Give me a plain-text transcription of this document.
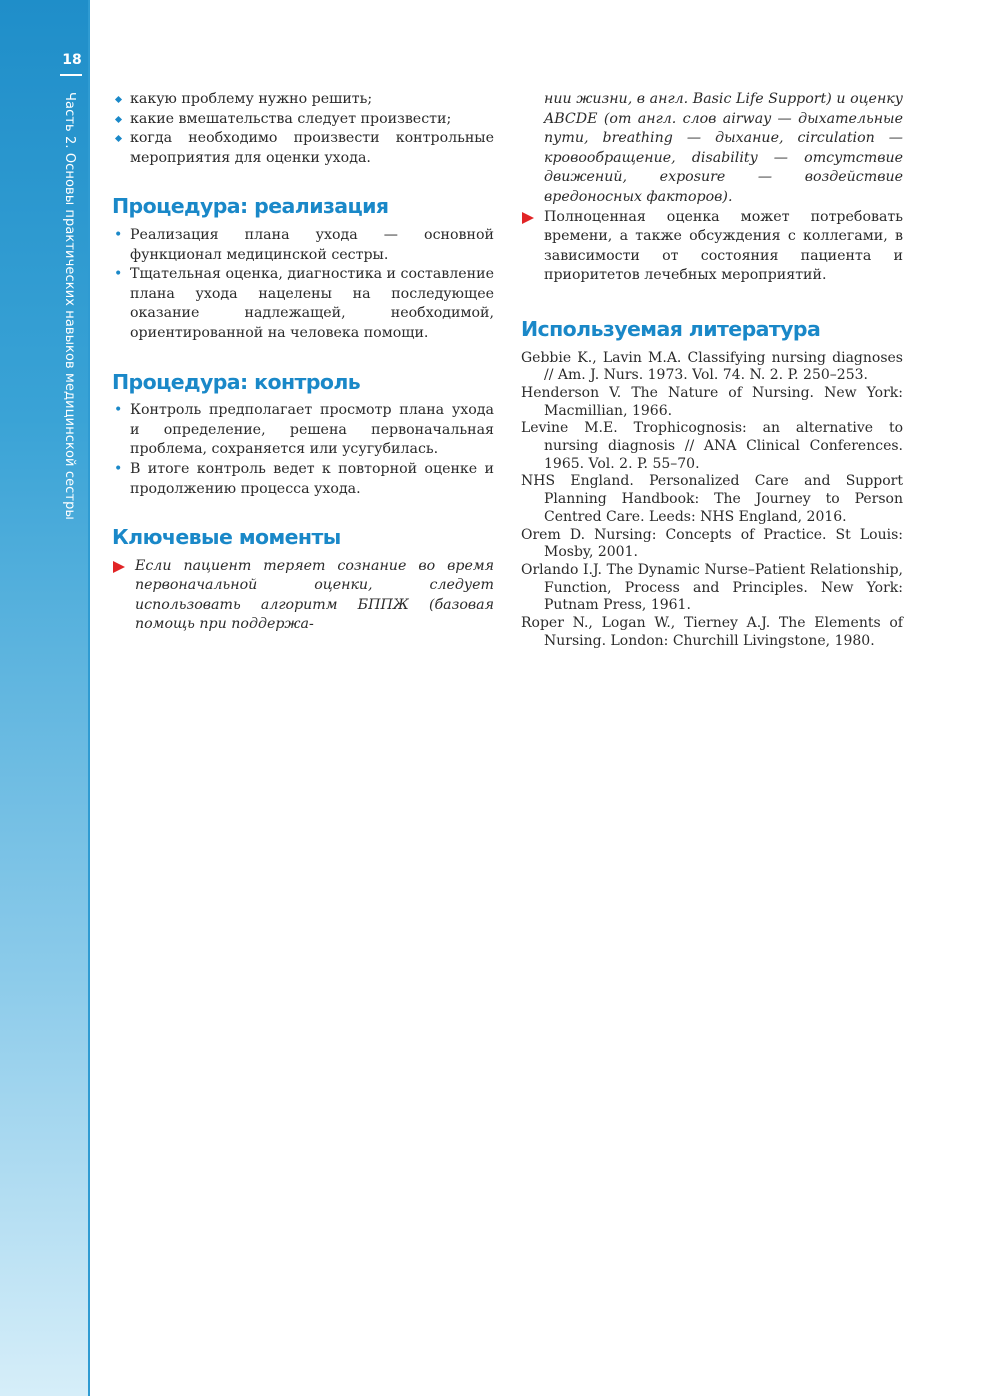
18
Часть 2. Основы практических навыков медицинской сестры	какую проблему нужно решить;
какие вмешательства следует произвести;
когда необходимо произвести контрольные мероприятия для оценки ухода.
Процедура: реализация
• Реализация плана ухода — основной функционал медицинской сестры.
• Тщательная оценка, диагностика и составление плана ухода нацелены на последующее оказание надлежащей, необходимой, ориентированной на человека помощи.
Процедура: контроль
• Контроль предполагает просмотр плана ухода и определение, решена первоначальная проблема, сохраняется или усугубилась.
• В итоге контроль ведет к повторной оценке и продолжению процесса ухода.
Ключевые моменты
Если пациент теряет сознание во время первоначальной оценки, следует использовать алгоритм БППЖ (базовая помощь при поддержа-
нии жизни, в англ. Basic Life Support) и оценку ABCDE (от англ. слов airway — дыхательные пути, breathing — дыхание, circulation — кровообращение, disability — отсутствие движений, exposure — воздействие вредоносных факторов).
Полноценная оценка может потребовать времени, а также обсуждения с коллегами, в зависимости от состояния пациента и приоритетов лечебных мероприятий.
Используемая литература

Gebbie K., Lavin M.A. Classifying nursing diagnoses // Am. J. Nurs. 1973. Vol. 74. N. 2. P. 250–253.

Henderson V. The Nature of Nursing. New York: Macmillian, 1966.

Levine M.E. Trophicognosis: an alternative to nursing diagnosis // ANA Clinical Conferences. 1965. Vol. 2. P. 55–70.

NHS England. Personalized Care and Support Planning Handbook: The Journey to Person Centred Care. Leeds: NHS England, 2016.

Orem D. Nursing: Concepts of Practice. St Louis: Mosby, 2001.

Orlando I.J. The Dynamic Nurse–Patient Relationship, Function, Process and Principles. New York: Putnam Press, 1961.

Roper N., Logan W., Tierney A.J. The Elements of Nursing. London: Churchill Livingstone, 1980.
